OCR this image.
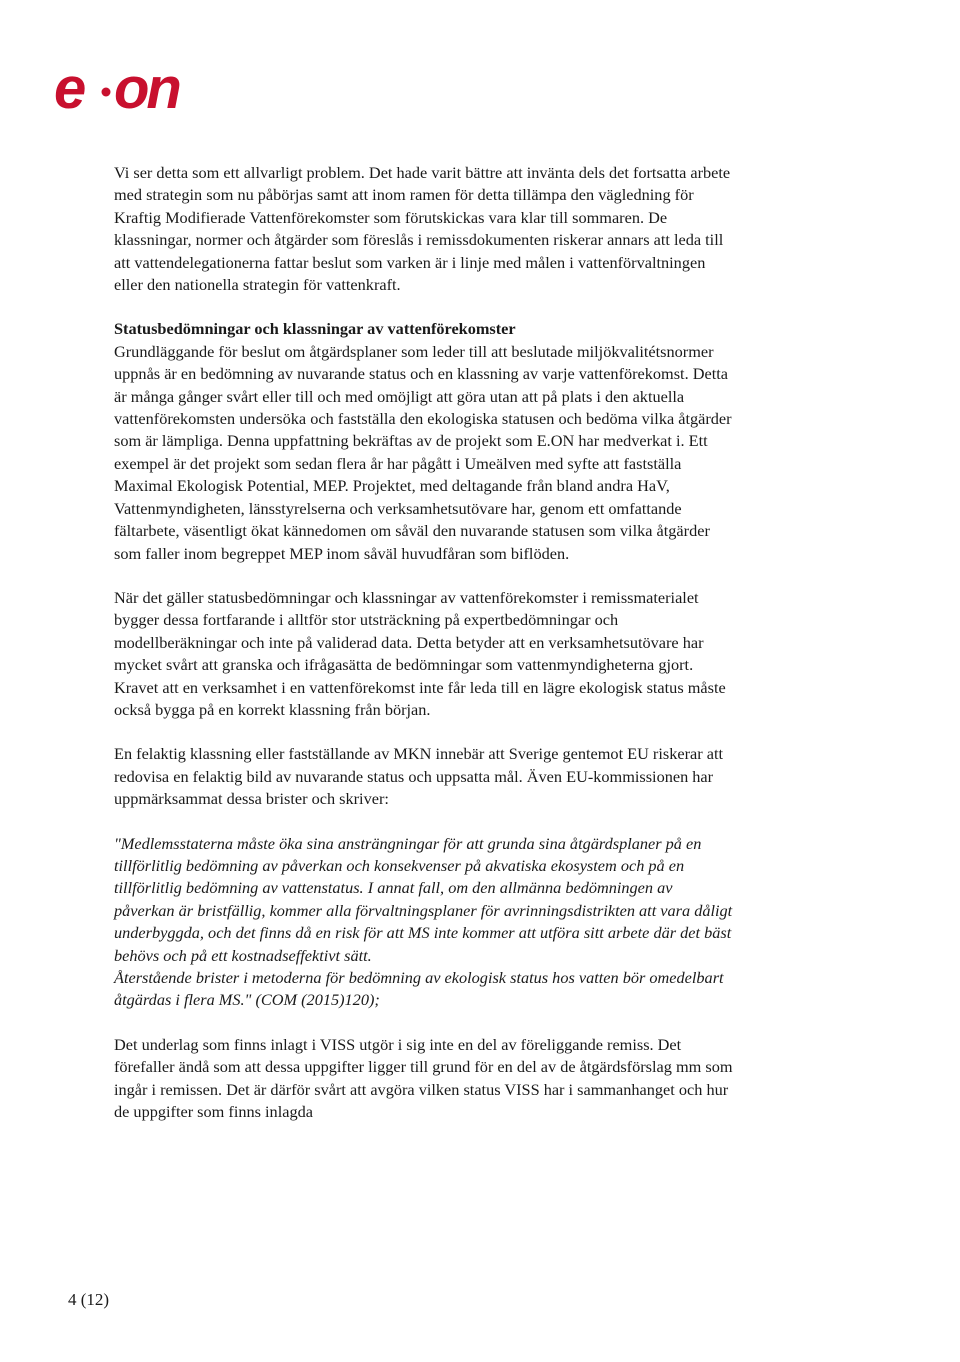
e on

Vi ser detta som ett allvarligt problem. Det hade varit bättre att invänta dels det fortsatta arbete med strategin som nu påbörjas samt att inom ramen för detta tillämpa den vägledning för Kraftig Modifierade Vattenförekomster som förutskickas vara klar till sommaren. De klassningar, normer och åtgärder som föreslås i remissdokumenten riskerar annars att leda till att vattendelegationerna fattar beslut som varken är i linje med målen i vattenförvaltningen eller den nationella strategin för vattenkraft.

Statusbedömningar och klassningar av vattenförekomster
Grundläggande för beslut om åtgärdsplaner som leder till att beslutade miljökvalitétsnormer uppnås är en bedömning av nuvarande status och en klassning av varje vattenförekomst. Detta är många gånger svårt eller till och med omöjligt att göra utan att på plats i den aktuella vattenförekomsten undersöka och fastställa den ekologiska statusen och bedöma vilka åtgärder som är lämpliga. Denna uppfattning bekräftas av de projekt som E.ON har medverkat i. Ett exempel är det projekt som sedan flera år har pågått i Umeälven med syfte att fastställa Maximal Ekologisk Potential, MEP. Projektet, med deltagande från bland andra HaV, Vattenmyndigheten, länsstyrelserna och verksamhetsutövare har, genom ett omfattande fältarbete, väsentligt ökat kännedomen om såväl den nuvarande statusen som vilka åtgärder som faller inom begreppet MEP inom såväl huvudfåran som biflöden.

När det gäller statusbedömningar och klassningar av vattenförekomster i remissmaterialet bygger dessa fortfarande i alltför stor utsträckning på expertbedömningar och modellberäkningar och inte på validerad data. Detta betyder att en verksamhetsutövare har mycket svårt att granska och ifrågasätta de bedömningar som vattenmyndigheterna gjort. Kravet att en verksamhet i en vattenförekomst inte får leda till en lägre ekologisk status måste också bygga på en korrekt klassning från början.

En felaktig klassning eller fastställande av MKN innebär att Sverige gentemot EU riskerar att redovisa en felaktig bild av nuvarande status och uppsatta mål. Även EU-kommissionen har uppmärksammat dessa brister och skriver:

"Medlemsstaterna måste öka sina ansträngningar för att grunda sina åtgärdsplaner på en tillförlitlig bedömning av påverkan och konsekvenser på akvatiska ekosystem och på en tillförlitlig bedömning av vattenstatus. I annat fall, om den allmänna bedömningen av påverkan är bristfällig, kommer alla förvaltningsplaner för avrinningsdistrikten att vara dåligt underbyggda, och det finns då en risk för att MS inte kommer att utföra sitt arbete där det bäst behövs och på ett kostnadseffektivt sätt.

Återstående brister i metoderna för bedömning av ekologisk status hos vatten bör omedelbart åtgärdas i flera MS." (COM (2015)120);

Det underlag som finns inlagt i VISS utgör i sig inte en del av föreliggande remiss. Det förefaller ändå som att dessa uppgifter ligger till grund för en del av de åtgärdsförslag mm som ingår i remissen. Det är därför svårt att avgöra vilken status VISS har i sammanhanget och hur de uppgifter som finns inlagda

4 (12)
